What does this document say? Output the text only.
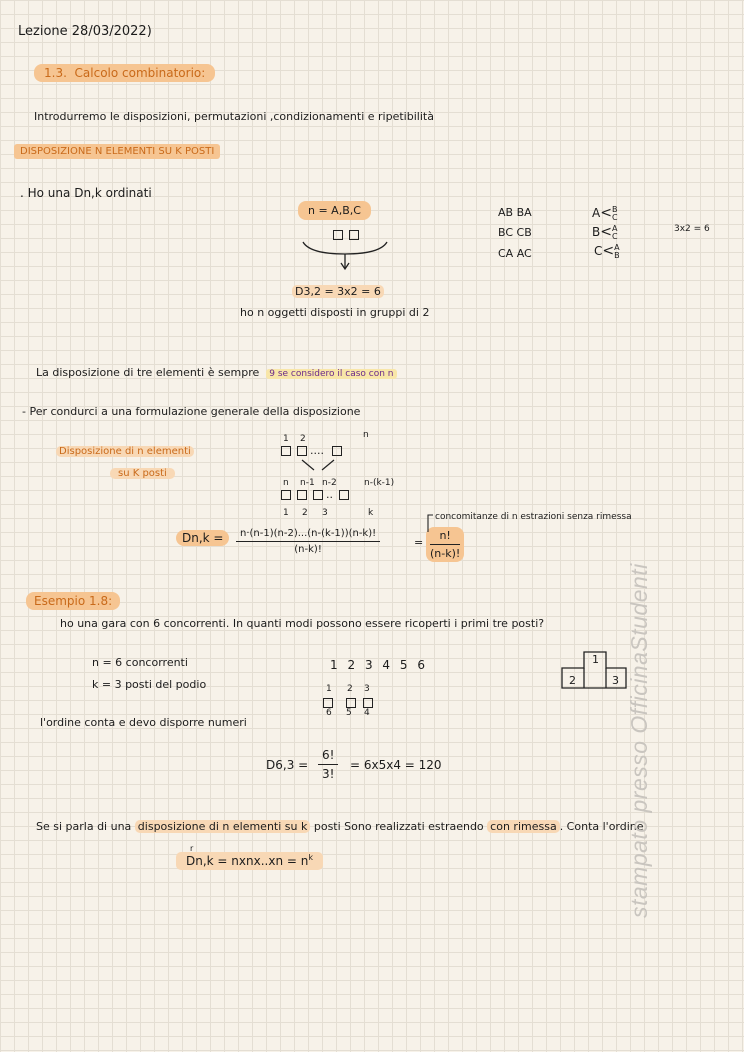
Lezione 28/03/2022)
1.3. Calcolo combinatorio:
Introdurremo le disposizioni, permutazioni ,condizionamenti e ripetibilità
DISPOSIZIONE N ELEMENTI SU K POSTI
. Ho una Dn,k ordinati
n = A,B,C
D3,2 = 3x2 = 6
ho n oggetti disposti in gruppi di 2
AB BA
BC CB
CA AC
A<B
C
B<A
C
C<A
B
3x2 = 6
La disposizione di tre elementi è sempre 9 se considero il caso con n
- Per condurci a una formulazione generale della disposizione
Disposizione di n elementi
su K posti
1 2	n
....
n n-1 n-2	n-(k-1)
..
1 2 3	k
Dn,k =	$\frac{n\cdot(n-1)(n-2)...(n-(k-1))(n-k)!}{(n-k)!}$	= $\frac{n!}{(n-k)!}$
concomitanze di n estrazioni senza rimessa
Esempio 1.8:
ho una gara con 6 concorrenti. In quanti modi possono essere ricoperti i primi tre posti?
n = 6 concorrenti
k = 3 posti del podio
1 2 3 4 5 6
1 2 3
6 5 4
1
2	3
l'ordine conta e devo disporre numeri
$D6,3 = \frac{6!}{3!} = 6x5x4 = 120$
Se si parla di una disposizione di n elementi su k posti Sono realizzati estraendo con rimessa . Conta l'ordine
r
Dn,k = nxnx..xn = $n^k$	stampato presso OfficinaStudenti
